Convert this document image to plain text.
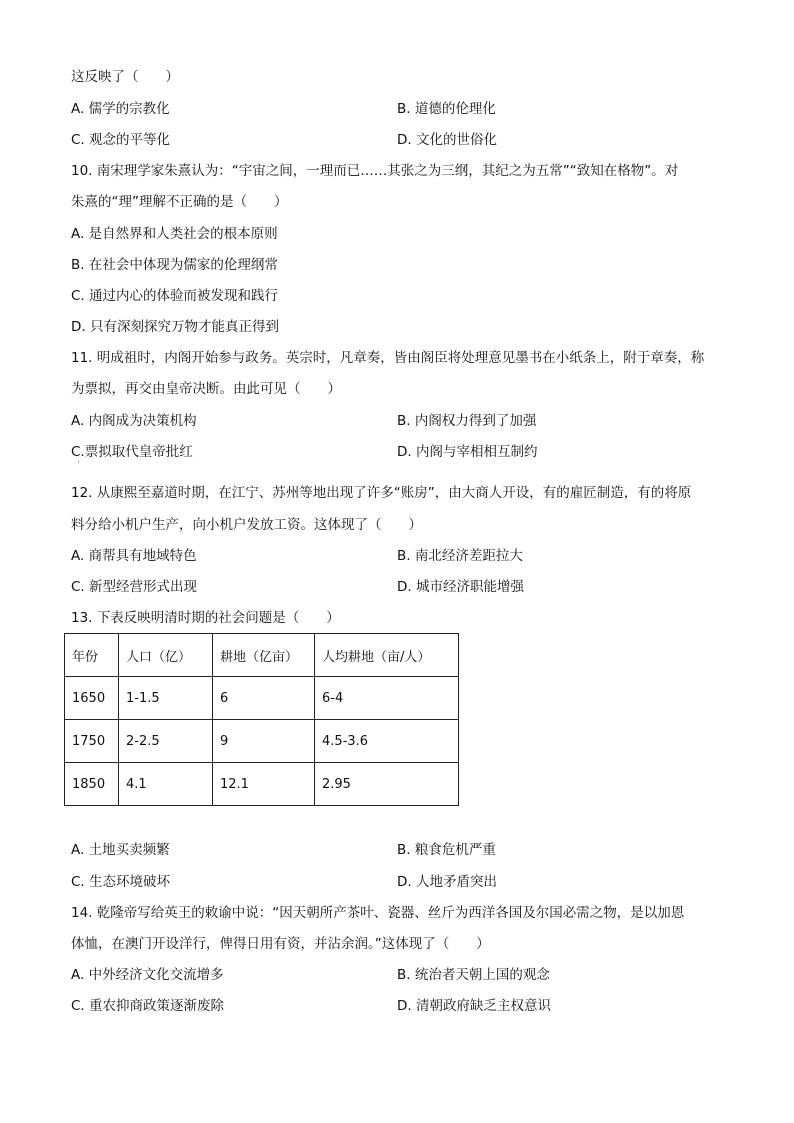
这反映了（　　）
A. 儒学的宗教化	B. 道德的伦理化
C. 观念的平等化	D. 文化的世俗化
10. 南宋理学家朱熹认为：“宇宙之间，一理而已……其张之为三纲，其纪之为五常”“致知在格物”。对
朱熹的“理”理解不正确的是（　　）
A. 是自然界和人类社会的根本原则
B. 在社会中体现为儒家的伦理纲常
C. 通过内心的体验而被发现和践行
D. 只有深刻探究万物才能真正得到
11. 明成祖时，内阁开始参与政务。英宗时，凡章奏，皆由阁臣将处理意见墨书在小纸条上，附于章奏，称
为票拟，再交由皇帝决断。由此可见（　　）
A. 内阁成为决策机构	B. 内阁权力得到了加强
C.票拟取代皇帝批红	D. 内阁与宰相相互制约
·
12. 从康熙至嘉道时期，在江宁、苏州等地出现了许多“账房”，由大商人开设，有的雇匠制造，有的将原
料分给小机户生产，向小机户发放工资。这体现了（　　）
A. 商帮具有地域特色	B. 南北经济差距拉大
C. 新型经营形式出现	D. 城市经济职能增强
13. 下表反映明清时期的社会问题是（　　）
年份	人口（亿）	耕地（亿亩）	人均耕地（亩/人）
1650	1-1.5	6	6-4
1750	2-2.5	9	4.5-3.6
1850	4.1	12.1	2.95
A. 土地买卖频繁	B. 粮食危机严重
C. 生态环境破坏	D. 人地矛盾突出
14. 乾隆帝写给英王的敕谕中说：“因天朝所产茶叶、瓷器、丝斤为西洋各国及尔国必需之物，是以加恩
体恤，在澳门开设洋行，俾得日用有资，并沾余润。”这体现了（　　）
A. 中外经济文化交流增多	B. 统治者天朝上国的观念
C. 重农抑商政策逐渐废除	D. 清朝政府缺乏主权意识
